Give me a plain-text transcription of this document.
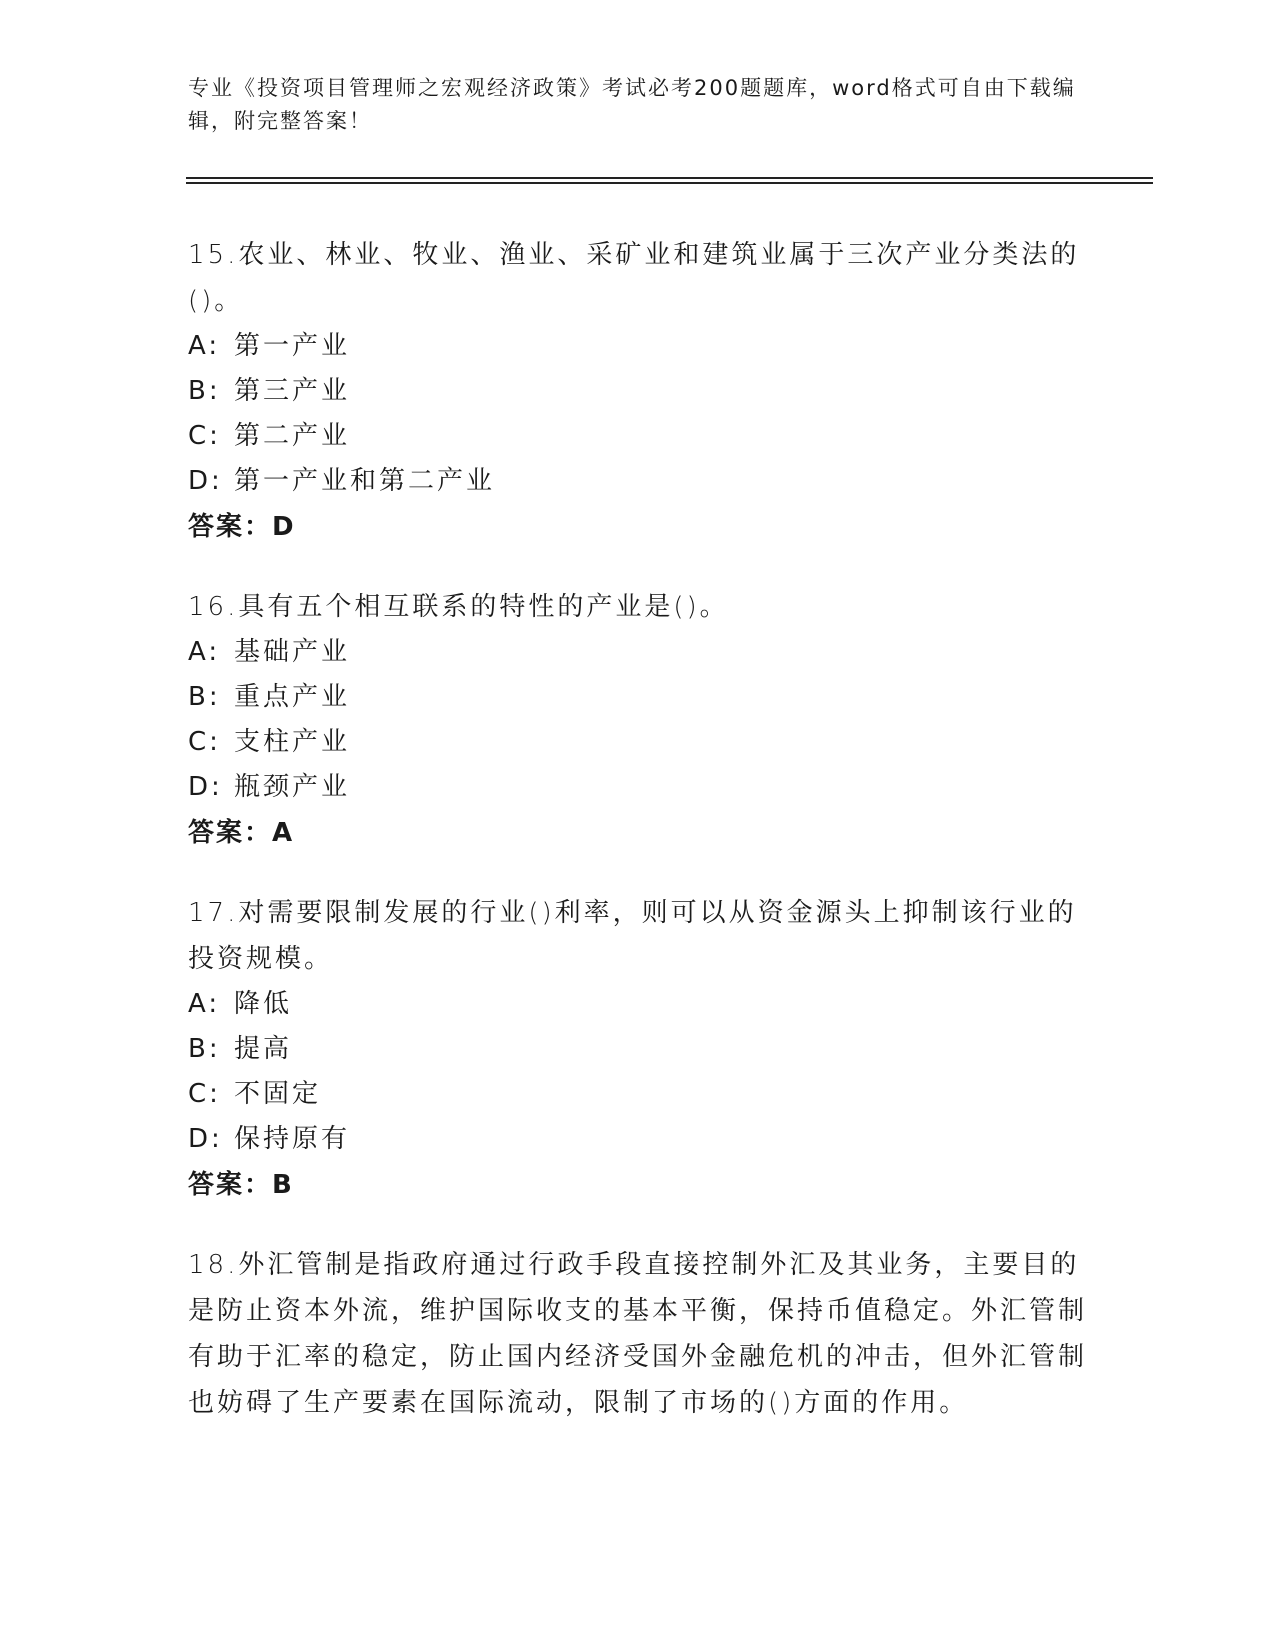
专业《投资项目管理师之宏观经济政策》考试必考200题题库，word格式可自由下载编辑，附完整答案！
15.农业、林业、牧业、渔业、采矿业和建筑业属于三次产业分类法的()。
A: 第一产业
B: 第三产业
C: 第二产业
D: 第一产业和第二产业
答案：D
16.具有五个相互联系的特性的产业是()。
A: 基础产业
B: 重点产业
C: 支柱产业
D: 瓶颈产业
答案：A
17.对需要限制发展的行业()利率，则可以从资金源头上抑制该行业的投资规模。
A: 降低
B: 提高
C: 不固定
D: 保持原有
答案：B
18.外汇管制是指政府通过行政手段直接控制外汇及其业务，主要目的是防止资本外流，维护国际收支的基本平衡，保持币值稳定。外汇管制有助于汇率的稳定，防止国内经济受国外金融危机的冲击，但外汇管制也妨碍了生产要素在国际流动，限制了市场的()方面的作用。
